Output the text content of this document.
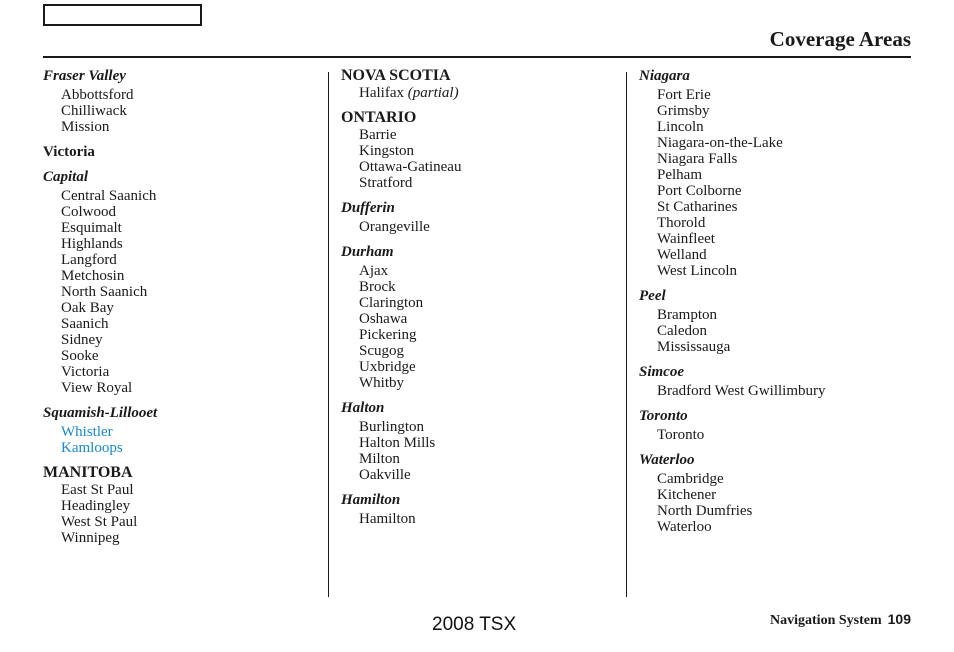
Coverage Areas
Fraser Valley
Abbottsford
Chilliwack
Mission
Victoria
Capital
Central Saanich
Colwood
Esquimalt
Highlands
Langford
Metchosin
North Saanich
Oak Bay
Saanich
Sidney
Sooke
Victoria
View Royal
Squamish-Lillooet
Whistler
Kamloops
MANITOBA
East St Paul
Headingley
West St Paul
Winnipeg
NOVA SCOTIA
Halifax (partial)
ONTARIO
Barrie
Kingston
Ottawa-Gatineau
Stratford
Dufferin
Orangeville
Durham
Ajax
Brock
Clarington
Oshawa
Pickering
Scugog
Uxbridge
Whitby
Halton
Burlington
Halton Mills
Milton
Oakville
Hamilton
Hamilton
Niagara
Fort Erie
Grimsby
Lincoln
Niagara-on-the-Lake
Niagara Falls
Pelham
Port Colborne
St Catharines
Thorold
Wainfleet
Welland
West Lincoln
Peel
Brampton
Caledon
Mississauga
Simcoe
Bradford West Gwillimbury
Toronto
Toronto
Waterloo
Cambridge
Kitchener
North Dumfries
Waterloo
2008 TSX	Navigation System 109
